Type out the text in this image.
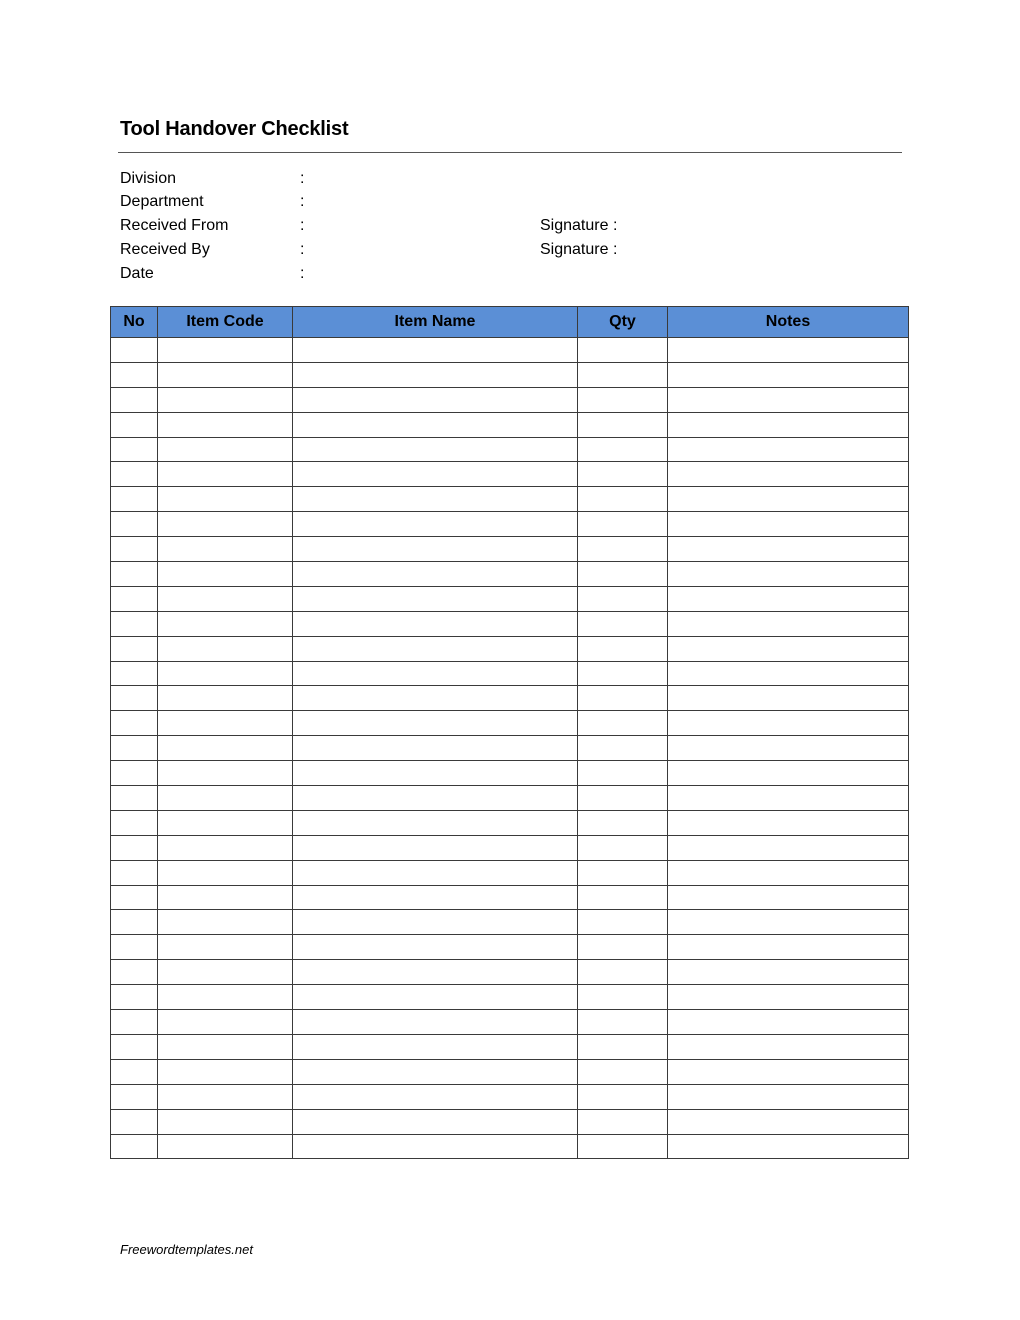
Tool Handover Checklist
Division	:
Department	:
Received From	:	Signature :
Received By	:	Signature :
Date	:
No	Item Code	Item Name	Qty	Notes

Freewordtemplates.net
